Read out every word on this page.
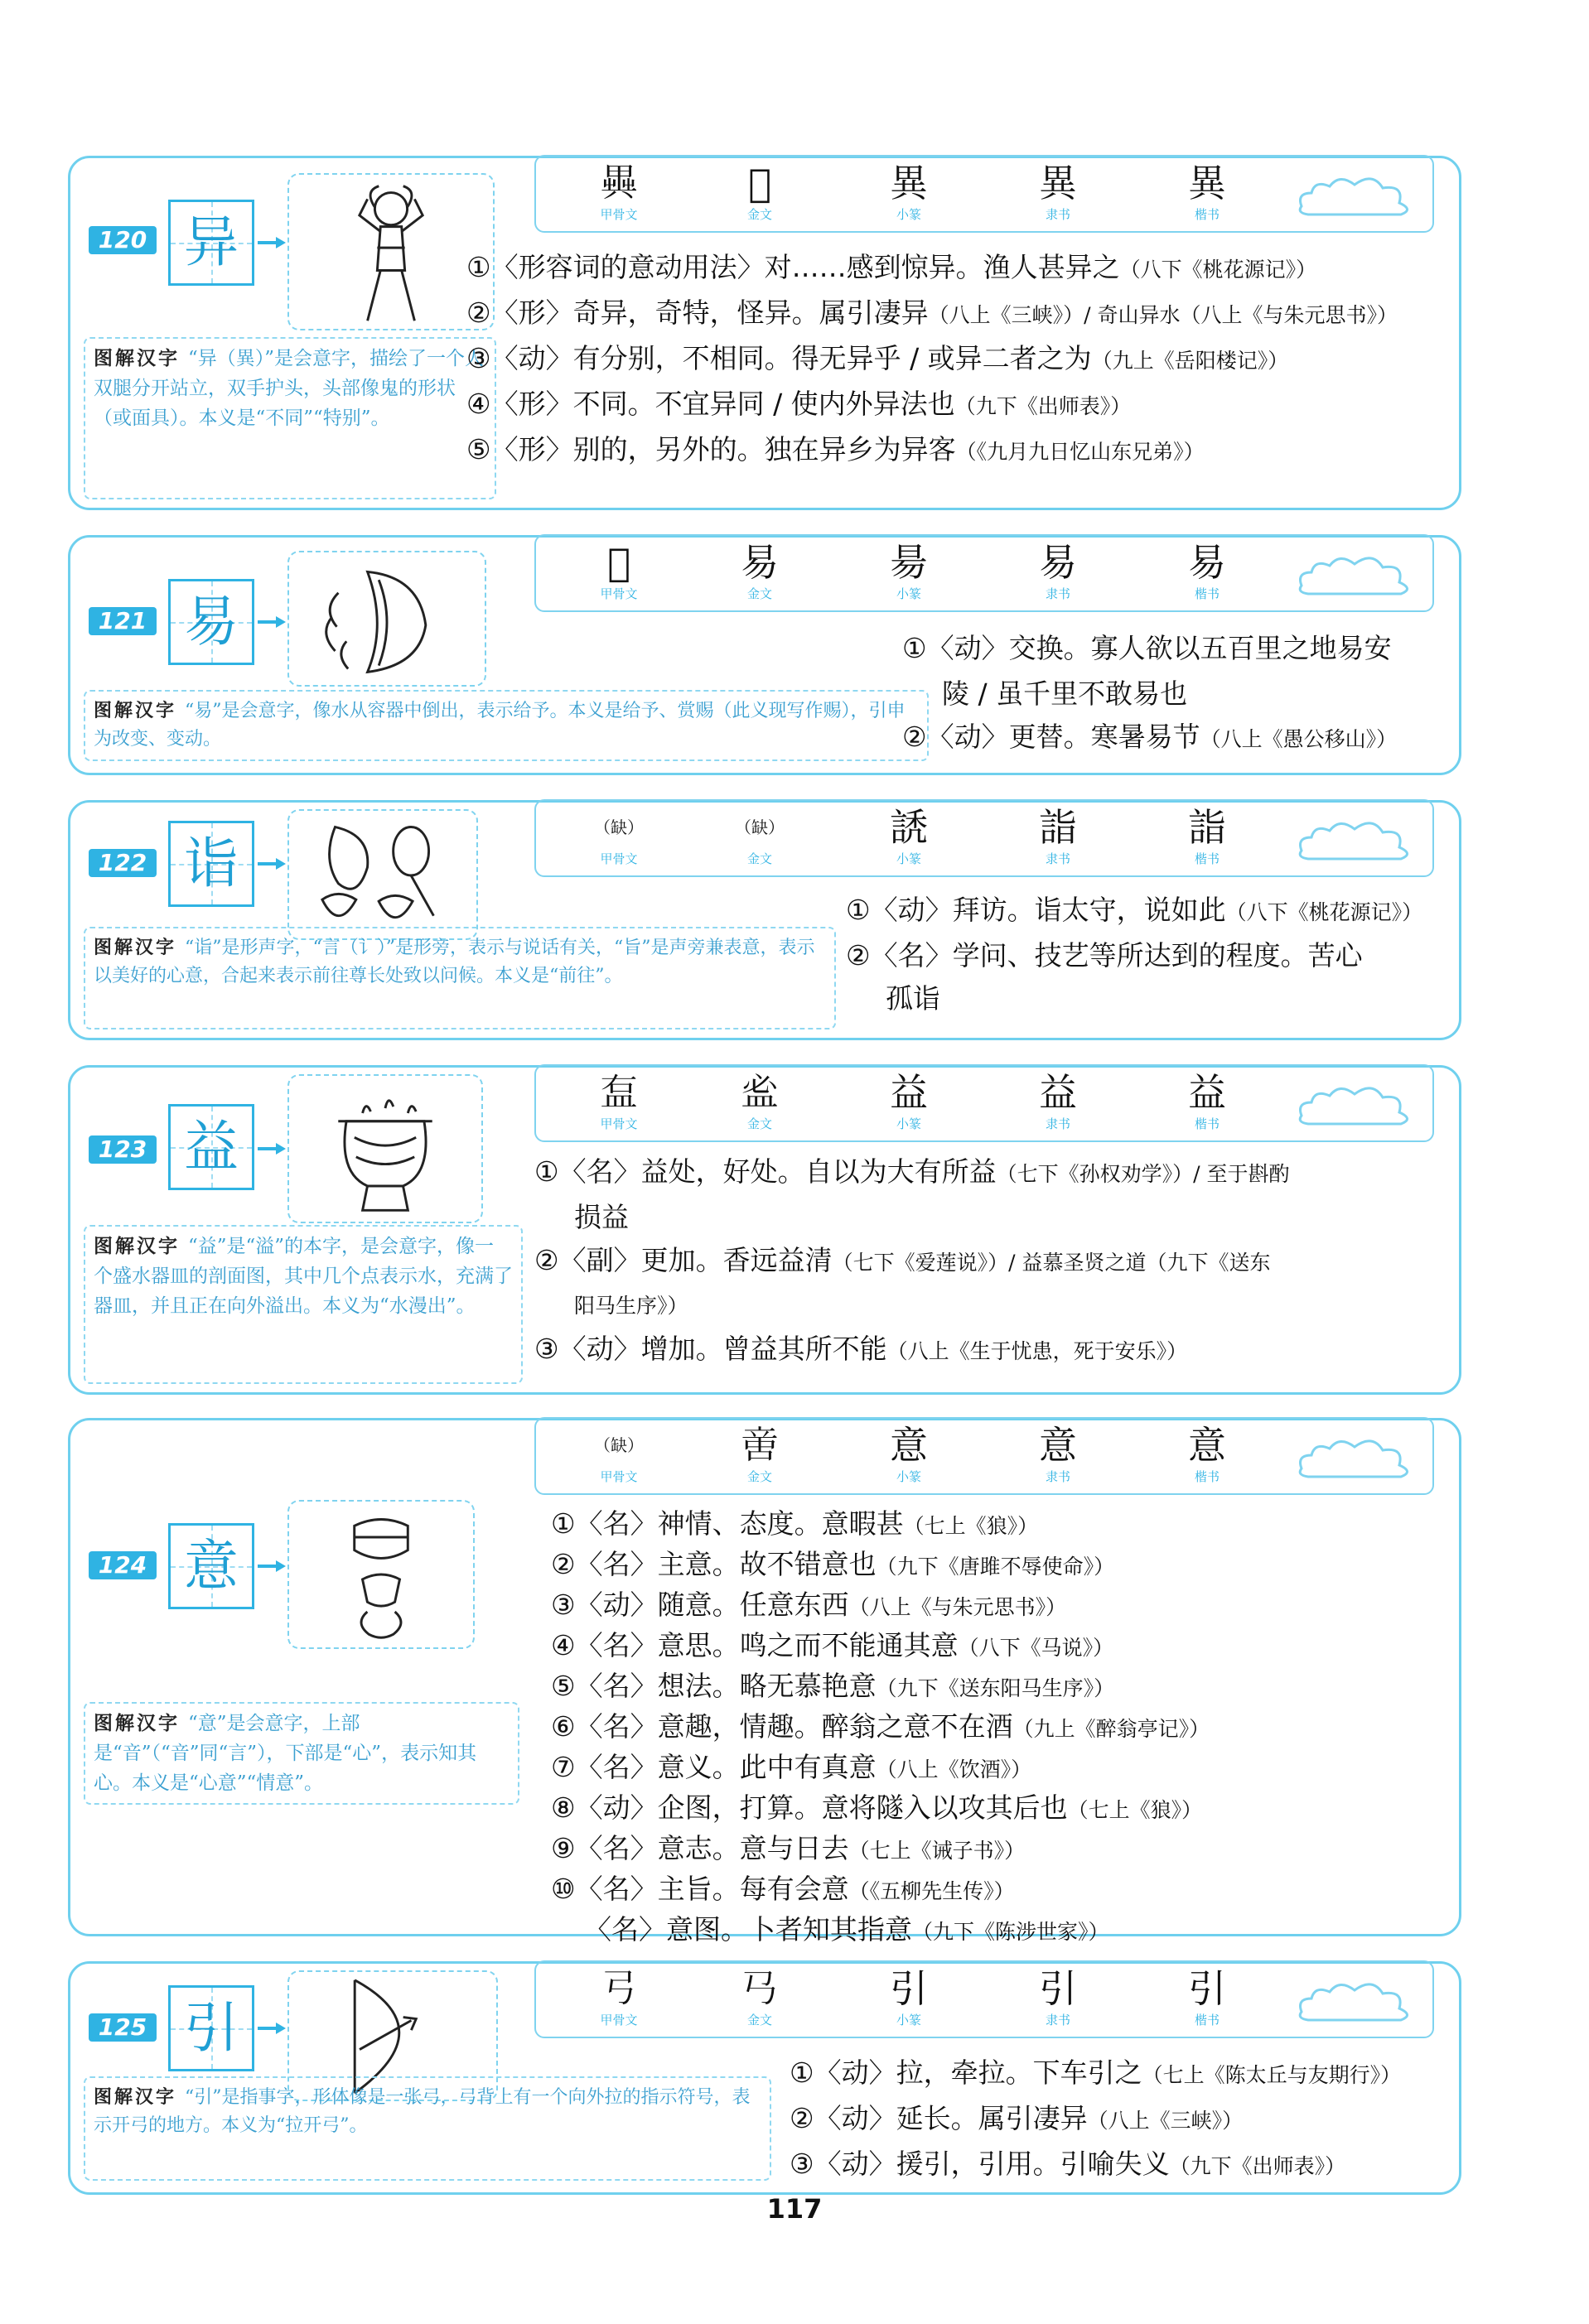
120 异
图解汉字 “异（異）”是会意字，描绘了一个人双腿分开站立，双手护头，头部像鬼的形状（或面具）。本义是“不同”“特别”。
𠔱
甲骨文
𢀳
金文
異
小篆
異
隶书
異
楷书
①〈形容词的意动用法〉对……感到惊异。渔人甚异之（八下《桃花源记》）
②〈形〉奇异，奇特，怪异。属引凄异（八上《三峡》）/ 奇山异水（八上《与朱元思书》）
③〈动〉有分别，不相同。得无异乎 / 或异二者之为（九上《岳阳楼记》）
④〈形〉不同。不宜异同 / 使内外异法也（九下《出师表》）
⑤〈形〉别的，另外的。独在异乡为异客（《九月九日忆山东兄弟》）
121 易
图解汉字 “易”是会意字，像水从容器中倒出，表示给予。本义是给予、赏赐（此义现写作赐），引申为改变、变动。
𣥝
甲骨文
易
金文
昜
小篆
易
隶书
易
楷书
①〈动〉交换。寡人欲以五百里之地易安
陵 / 虽千里不敢易也
②〈动〉更替。寒暑易节（八上《愚公移山》）
122 诣
图解汉字 “诣”是形声字，“言（讠）”是形旁，表示与说话有关，“旨”是声旁兼表意，表示以美好的心意，合起来表示前往尊长处致以问候。本义是“前往”。
（缺）
甲骨文
（缺）
金文
䛢
小篆
詣
隶书
詣
楷书
①〈动〉拜访。诣太守，说如此（八下《桃花源记》）
②〈名〉学问、技艺等所达到的程度。苦心
孤诣
123 益
图解汉字 “益”是“溢”的本字，是会意字，像一个盛水器皿的剖面图，其中几个点表示水，充满了器皿，并且正在向外溢出。本义为“水漫出”。
𥁓
甲骨文
𥁑
金文
益
小篆
益
隶书
益
楷书
①〈名〉益处，好处。自以为大有所益（七下《孙权劝学》）/ 至于斟酌
损益
②〈副〉更加。香远益清（七下《爱莲说》）/ 益慕圣贤之道（九下《送东
阳马生序》）
③〈动〉增加。曾益其所不能（八上《生于忧患，死于安乐》）
124 意
图解汉字 “意”是会意字，上部是“音”（“音”同“言”），下部是“心”，表示知其心。本义是“心意”“情意”。
（缺）
甲骨文
𠶷
金文
意
小篆
意
隶书
意
楷书
①〈名〉神情、态度。意暇甚（七上《狼》）
②〈名〉主意。故不错意也（九下《唐雎不辱使命》）
③〈动〉随意。任意东西（八上《与朱元思书》）
④〈名〉意思。鸣之而不能通其意（八下《马说》）
⑤〈名〉想法。略无慕艳意（九下《送东阳马生序》）
⑥〈名〉意趣，情趣。醉翁之意不在酒（九上《醉翁亭记》）
⑦〈名〉意义。此中有真意（八上《饮酒》）
⑧〈动〉企图，打算。意将隧入以攻其后也（七上《狼》）
⑨〈名〉意志。意与日去（七上《诫子书》）
⑩〈名〉主旨。每有会意（《五柳先生传》）
〈名〉意图。卜者知其指意（九下《陈涉世家》）
125 引
图解汉字 “引”是指事字，形体像是一张弓，弓背上有一个向外拉的指示符号，表示开弓的地方。本义为“拉开弓”。
𢎗
甲骨文
𢎘
金文
引
小篆
引
隶书
引
楷书
①〈动〉拉，牵拉。下车引之（七上《陈太丘与友期行》）
②〈动〉延长。属引凄异（八上《三峡》）
③〈动〉援引，引用。引喻失义（九下《出师表》）
117
